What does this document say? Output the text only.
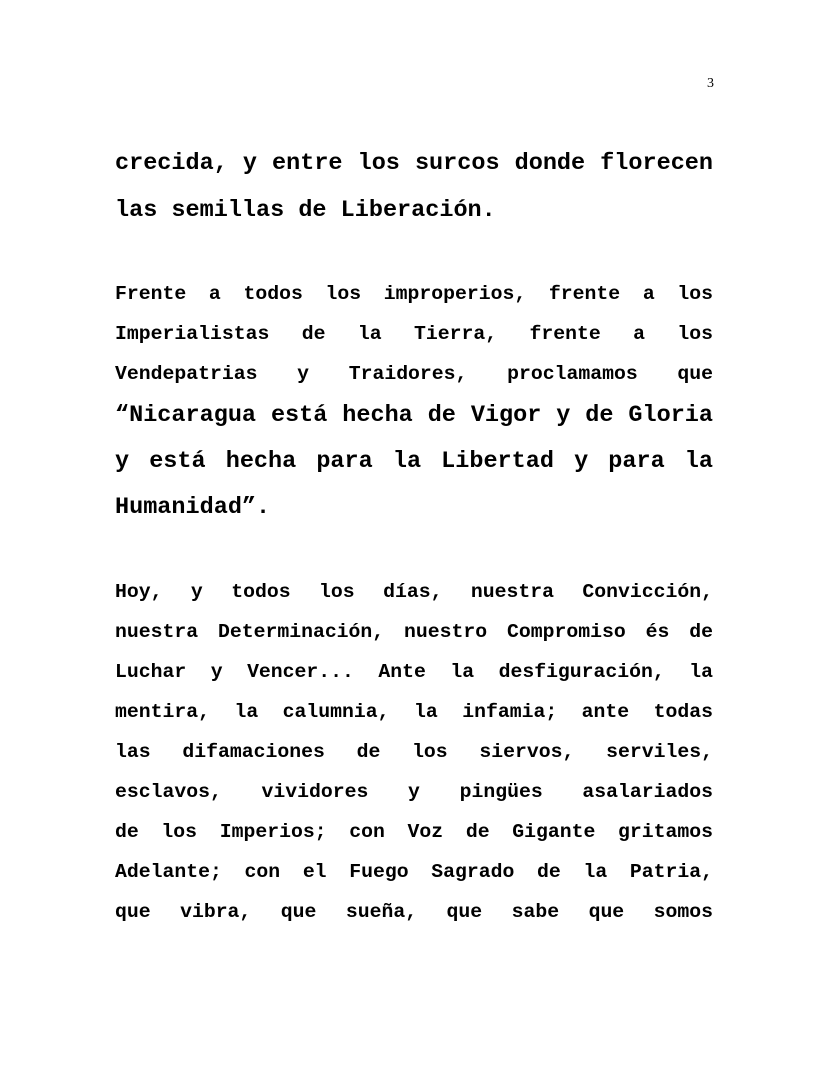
3

crecida, y entre los surcos donde florecen

las semillas de Liberación.

Frente a todos los improperios, frente a los

Imperialistas de la Tierra, frente a los

Vendepatrias y Traidores, proclamamos que

“Nicaragua está hecha de Vigor y de Gloria

y está hecha para la Libertad y para la

Humanidad”.

Hoy, y todos los días, nuestra Convicción,

nuestra Determinación, nuestro Compromiso és de

Luchar y Vencer... Ante la desfiguración, la

mentira, la calumnia, la infamia; ante todas

las difamaciones de los siervos, serviles,

esclavos, vividores y pingües asalariados

de los Imperios; con Voz de Gigante gritamos

Adelante; con el Fuego Sagrado de la Patria,

que vibra, que sueña, que sabe que somos
